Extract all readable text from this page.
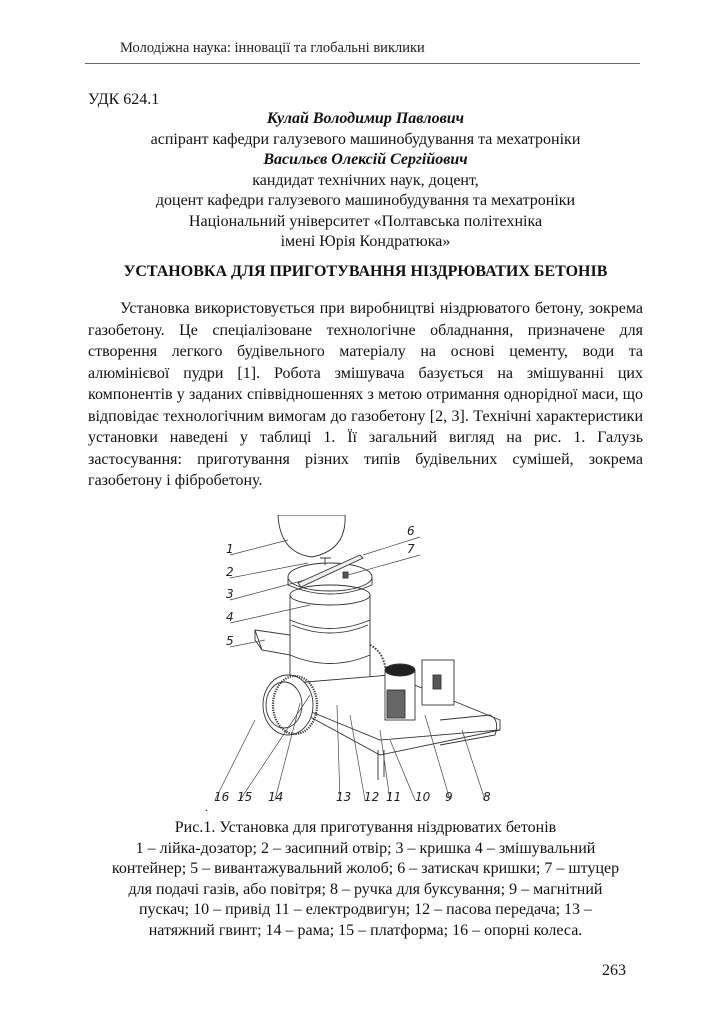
Молодіжна наука: інновації та глобальні виклики
УДК 624.1
Кулай Володимир Павлович
аспірант кафедри галузевого машинобудування та мехатроніки
Васильєв Олексій Сергійович
кандидат технічних наук, доцент,
доцент кафедри галузевого машинобудування та мехатроніки
Національний університет «Полтавська політехніка
імені Юрія Кондратюка»
УСТАНОВКА ДЛЯ ПРИГОТУВАННЯ НІЗДРЮВАТИХ БЕТОНІВ
Установка використовується при виробництві ніздрюватого бетону, зокрема газобетону. Це спеціалізоване технологічне обладнання, призначене для створення легкого будівельного матеріалу на основі цементу, води та алюмінієвої пудри [1]. Робота змішувача базується на змішуванні цих компонентів у заданих співвідношеннях з метою отримання однорідної маси, що відповідає технологічним вимогам до газобетону [2, 3]. Технічні характеристики установки наведені у таблиці 1. Її загальний вигляд на рис. 1. Галузь застосування: приготування різних типів будівельних сумішей, зокрема газобетону і фібробетону.
1
2
3
4
5
6
7
16 15 14	13 12 11 10 9	8
.
Рис.1. Установка для приготування ніздрюватих бетонів
1 – лійка-дозатор; 2 – засипний отвір; 3 – кришка 4 – змішувальний
контейнер; 5 – вивантажувальний жолоб; 6 – затискач кришки; 7 – штуцер
для подачі газів, або повітря; 8 – ручка для буксування; 9 – магнітний
пускач; 10 – привід 11 – електродвигун; 12 – пасова передача; 13 –
натяжний гвинт; 14 – рама; 15 – платформа; 16 – опорні колеса.
263
